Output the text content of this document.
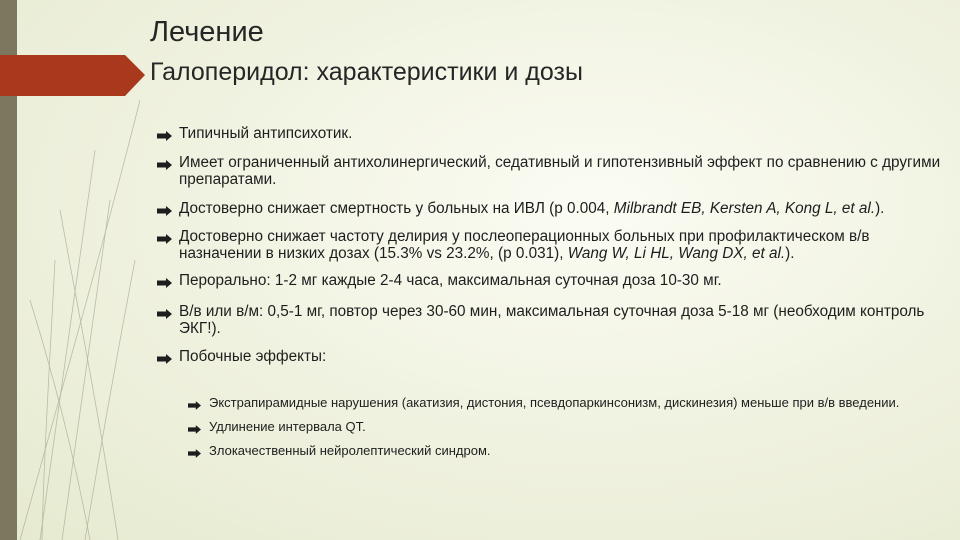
Лечение
Галоперидол: характеристики и дозы
Типичный антипсихотик.
Имеет ограниченный антихолинергический, седативный и гипотензивный эффект по сравнению с другими препаратами.
Достоверно снижает смертность у больных на ИВЛ (p 0.004, Milbrandt EB, Kersten A, Kong L, et al.).
Достоверно снижает частоту делирия у послеоперационных больных при профилактическом в/в назначении в низких дозах (15.3% vs 23.2%, (p 0.031), Wang W, Li HL, Wang DX, et al.).
Перорально: 1-2 мг каждые 2-4 часа, максимальная суточная доза 10-30 мг.
В/в или в/м: 0,5-1 мг, повтор через 30-60 мин, максимальная суточная доза 5-18 мг (необходим контроль ЭКГ!).
Побочные эффекты:
Экстрапирамидные нарушения (акатизия, дистония, псевдопаркинсонизм, дискинезия) меньше при в/в введении.
Удлинение интервала QT.
Злокачественный нейролептический синдром.
